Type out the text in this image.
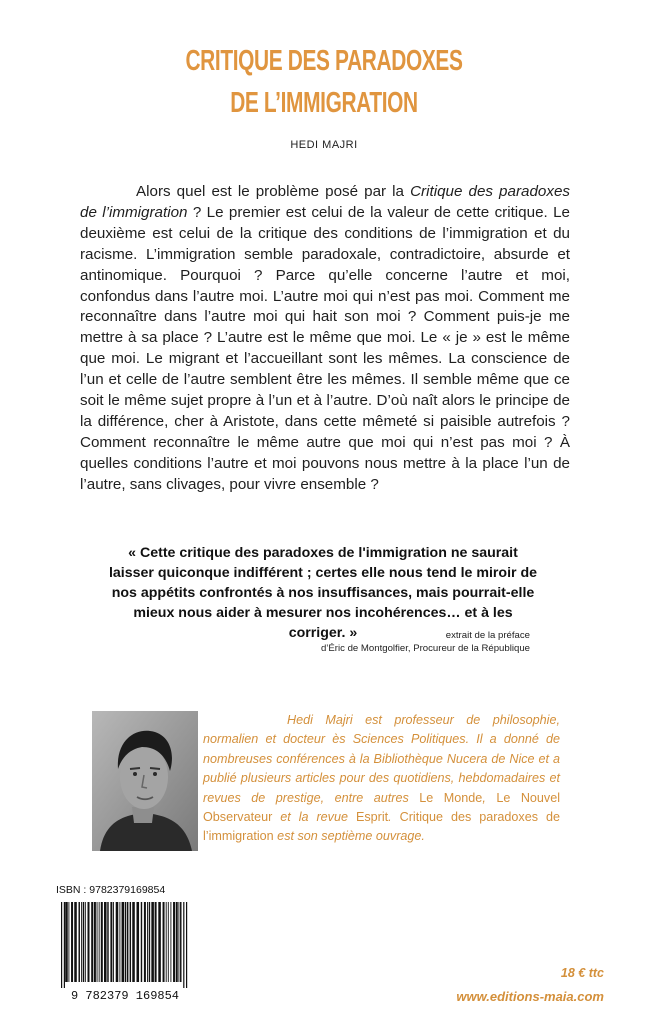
CRITIQUE DES PARADOXES
DE L’IMMIGRATION
HEDI MAJRI

Alors quel est le problème posé par la Critique des paradoxes de l’immigration ? Le premier est celui de la valeur de cette critique. Le deuxième est celui de la critique des conditions de l’immigration et du racisme. L’immigration semble paradoxale, contradictoire, absurde et antinomique. Pourquoi ? Parce qu’elle concerne l’autre et moi, confondus dans l’autre moi. L’autre moi qui n’est pas moi. Comment me reconnaître dans l’autre moi qui hait son moi ? Comment puis-je me mettre à sa place ? L’autre est le même que moi. Le « je » est le même que moi. Le migrant et l’accueillant sont les mêmes. La conscience de l’un et celle de l’autre semblent être les mêmes. Il semble même que ce soit le même sujet propre à l’un et à l’autre. D’où naît alors le principe de la différence, cher à Aristote, dans cette mêmeté si paisible autrefois ? Comment reconnaître le même autre que moi qui n’est pas moi ? À quelles conditions l’autre et moi pouvons nous mettre à la place l’un de l’autre, sans clivages, pour vivre ensemble ?

« Cette critique des paradoxes de l'immigration ne saurait laisser quiconque indifférent ; certes elle nous tend le miroir de nos appétits confrontés à nos insuffisances, mais pourrait-elle mieux nous aider à mesurer nos incohérences… et à les corriger. »	extrait de la préface
d’Éric de Montgolfier, Procureur de la République

Hedi Majri est professeur de philosophie, normalien et docteur ès Sciences Politiques. Il a donné de nombreuses conférences à la Bibliothèque Nucera de Nice et a publié plusieurs articles pour des quotidiens, hebdomadaires et revues de prestige, entre autres Le Monde, Le Nouvel Observateur et la revue Esprit. Critique des paradoxes de l’immigration est son septième ouvrage.

ISBN : 9782379169854
9 782379 169854
18 € ttc
www.editions-maia.com
